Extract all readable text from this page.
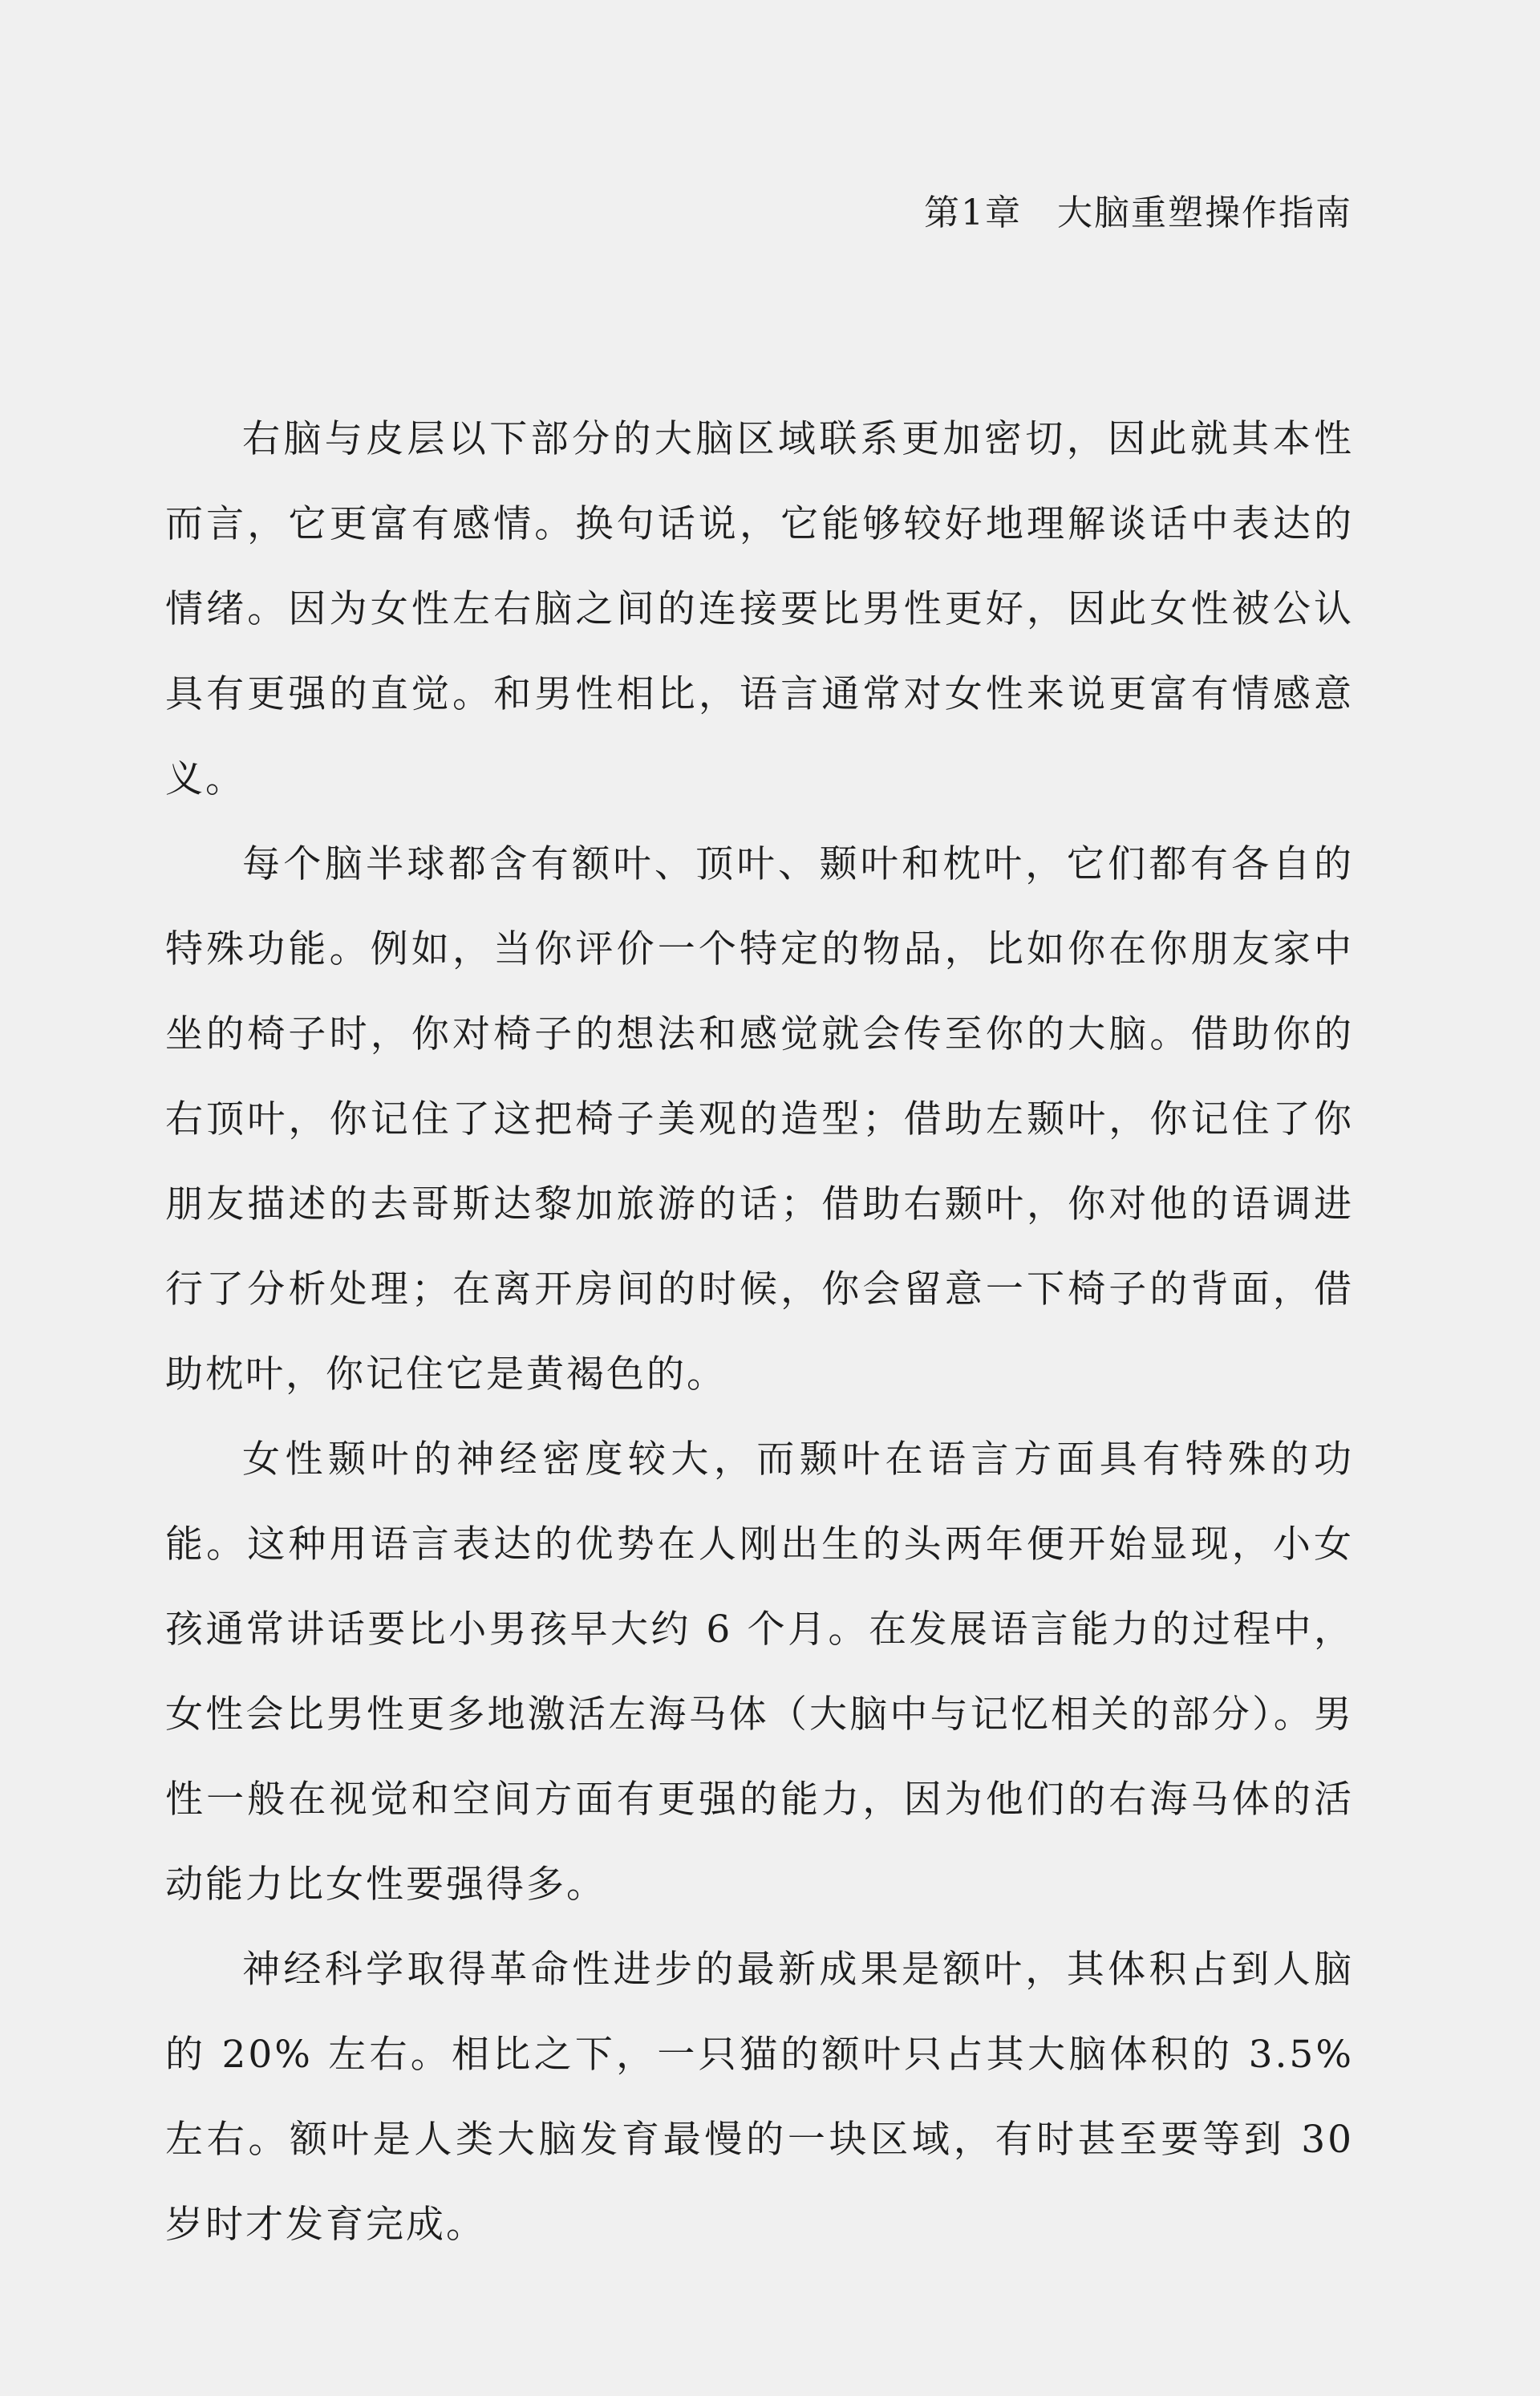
第1章 大脑重塑操作指南

右脑与皮层以下部分的大脑区域联系更加密切，因此就其本性而言，它更富有感情。换句话说，它能够较好地理解谈话中表达的情绪。因为女性左右脑之间的连接要比男性更好，因此女性被公认具有更强的直觉。和男性相比，语言通常对女性来说更富有情感意义。

每个脑半球都含有额叶、顶叶、颞叶和枕叶，它们都有各自的特殊功能。例如，当你评价一个特定的物品，比如你在你朋友家中坐的椅子时，你对椅子的想法和感觉就会传至你的大脑。借助你的右顶叶，你记住了这把椅子美观的造型；借助左颞叶，你记住了你朋友描述的去哥斯达黎加旅游的话；借助右颞叶，你对他的语调进行了分析处理；在离开房间的时候，你会留意一下椅子的背面，借助枕叶，你记住它是黄褐色的。

女性颞叶的神经密度较大，而颞叶在语言方面具有特殊的功能。这种用语言表达的优势在人刚出生的头两年便开始显现，小女孩通常讲话要比小男孩早大约 6 个月。在发展语言能力的过程中，女性会比男性更多地激活左海马体（大脑中与记忆相关的部分）。男性一般在视觉和空间方面有更强的能力，因为他们的右海马体的活动能力比女性要强得多。

神经科学取得革命性进步的最新成果是额叶，其体积占到人脑的 20% 左右。相比之下，一只猫的额叶只占其大脑体积的 3.5% 左右。额叶是人类大脑发育最慢的一块区域，有时甚至要等到 30 岁时才发育完成。
